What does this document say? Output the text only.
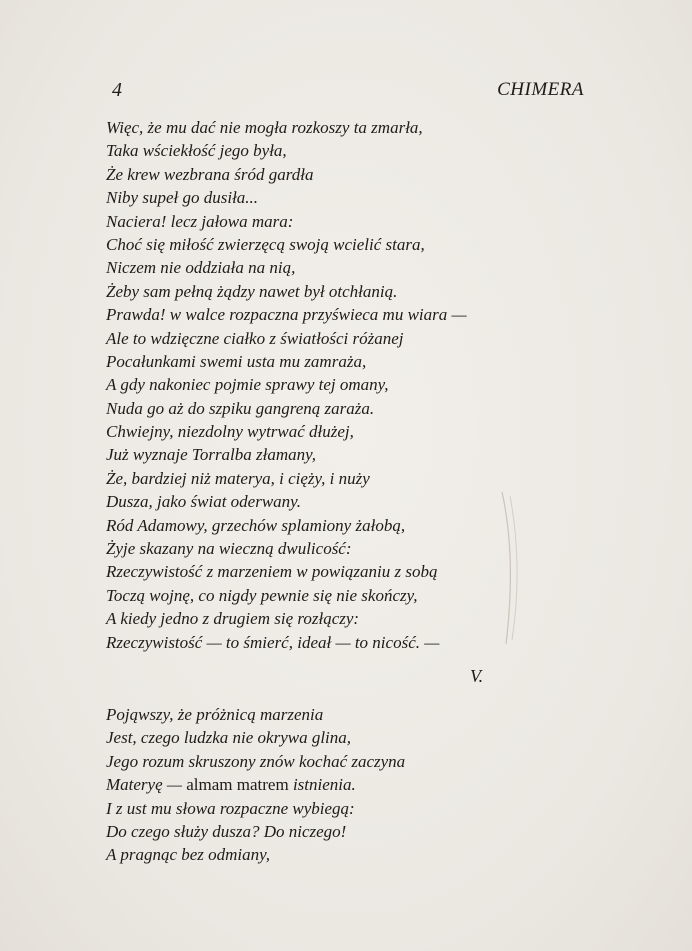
4	CHIMERA
Więc, że mu dać nie mogła rozkoszy ta zmarła,
Taka wściekłość jego była,
Że krew wezbrana śród gardła
Niby supeł go dusiła...
Naciera! lecz jałowa mara:
Choć się miłość zwierzęcą swoją wcielić stara,
Niczem nie oddziała na nią,
Żeby sam pełną żądzy nawet był otchłanią.
Prawda! w walce rozpaczna przyświeca mu wiara —
Ale to wdzięczne ciałko z światłości różanej
Pocałunkami swemi usta mu zamraża,
A gdy nakoniec pojmie sprawy tej omany,
Nuda go aż do szpiku gangreną zaraża.
Chwiejny, niezdolny wytrwać dłużej,
Już wyznaje Torralba złamany,
Że, bardziej niż materya, i cięży, i nuży
Dusza, jako świat oderwany.
Ród Adamowy, grzechów splamiony żałobą,
Żyje skazany na wieczną dwulicość:
Rzeczywistość z marzeniem w powiązaniu z sobą
Toczą wojnę, co nigdy pewnie się nie skończy,
A kiedy jedno z drugiem się rozłączy:
Rzeczywistość — to śmierć, ideał — to nicość. —
V.
Pojąwszy, że próżnicą marzenia
Jest, czego ludzka nie okrywa glina,
Jego rozum skruszony znów kochać zaczyna
Materyę — almam matrem istnienia.
I z ust mu słowa rozpaczne wybiegą:
Do czego służy dusza? Do niczego!
A pragnąc bez odmiany,
